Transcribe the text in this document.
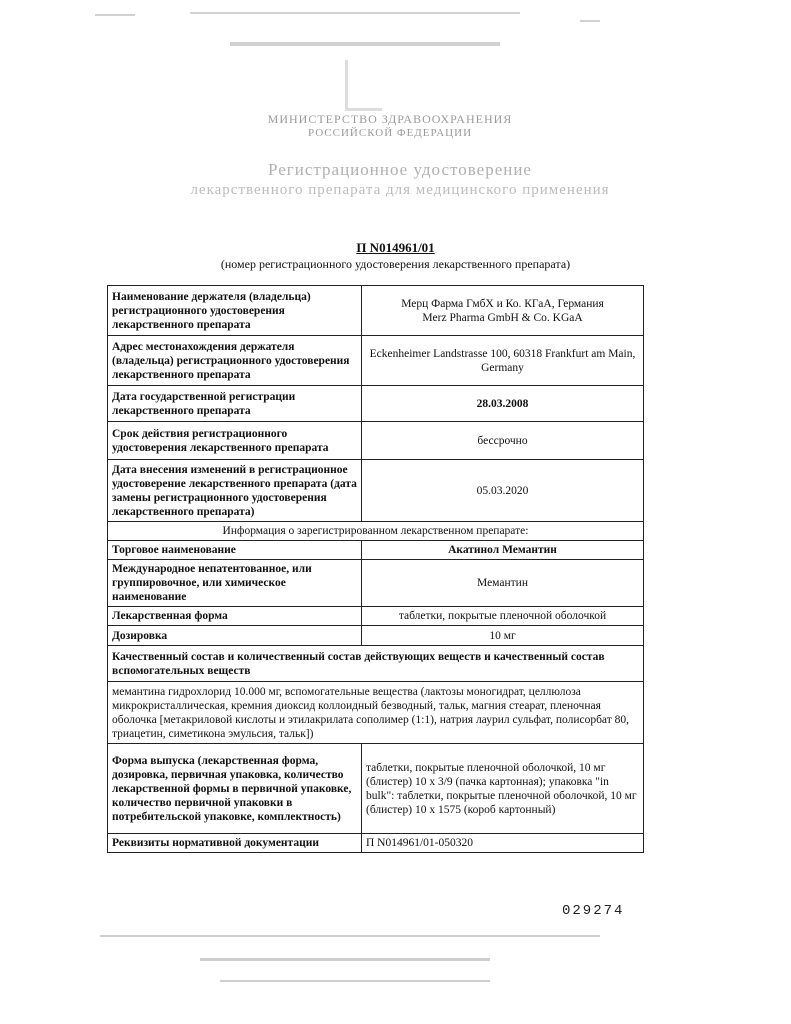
МИНИСТЕРСТВО ЗДРАВООХРАНЕНИЯ
РОССИЙСКОЙ ФЕДЕРАЦИИ
Регистрационное удостоверение
лекарственного препарата для медицинского применения
П N014961/01
(номер регистрационного удостоверения лекарственного препарата)
Наименование держателя (владельца) регистрационного удостоверения лекарственного препарата	Мерц Фарма ГмбХ и Ко. КГаА, Германия
Merz Pharma GmbH & Co. KGaA

Адрес местонахождения держателя (владельца) регистрационного удостоверения лекарственного препарата	Eckenheimer Landstrasse 100, 60318 Frankfurt am Main, Germany
Дата государственной регистрации лекарственного препарата	28.03.2008
Срок действия регистрационного удостоверения лекарственного препарата	бессрочно
Дата внесения изменений в регистрационное удостоверение лекарственного препарата (дата замены регистрационного удостоверения лекарственного препарата)	05.03.2020
Информация о зарегистрированном лекарственном препарате:	
Торговое наименование	Акатинол Мемантин
Международное непатентованное, или группировочное, или химическое наименование	Мемантин
Лекарственная форма	таблетки, покрытые пленочной оболочкой
Дозировка	10 мг
Качественный состав и количественный состав действующих веществ и качественный состав вспомогательных веществ	
мемантина гидрохлорид 10.000 мг, вспомогательные вещества (лактозы моногидрат, целлюлоза микрокристаллическая, кремния диоксид коллоидный безводный, тальк, магния стеарат, пленочная оболочка [метакриловой кислоты и этилакрилата сополимер (1:1), натрия лаурил сульфат, полисорбат 80, триацетин, симетикона эмульсия, тальк])	
Форма выпуска (лекарственная форма, дозировка, первичная упаковка, количество лекарственной формы в первичной упаковке, количество первичной упаковки в потребительской упаковке, комплектность)	таблетки, покрытые пленочной оболочкой, 10 мг (блистер) 10 x 3/9 (пачка картонная); упаковка "in bulk": таблетки, покрытые пленочной оболочкой, 10 мг (блистер) 10 x 1575 (короб картонный)
Реквизиты нормативной документации	П N014961/01-050320
029274
